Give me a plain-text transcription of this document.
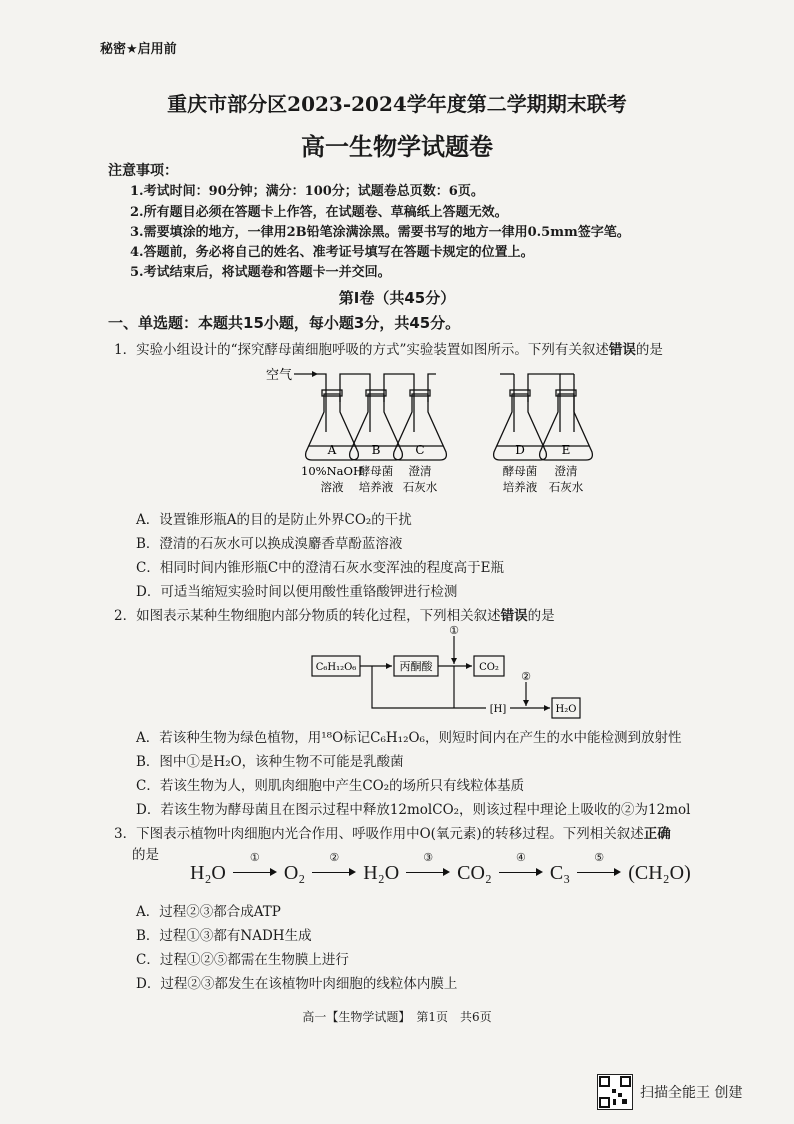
秘密★启用前
重庆市部分区2023-2024学年度第二学期期末联考
高一生物学试题卷
注意事项：
1.考试时间：90分钟；满分：100分；试题卷总页数：6页。
2.所有题目必须在答题卡上作答，在试题卷、草稿纸上答题无效。
3.需要填涂的地方，一律用2B铅笔涂满涂黑。需要书写的地方一律用0.5mm签字笔。
4.答题前，务必将自己的姓名、准考证号填写在答题卡规定的位置上。
5.考试结束后，将试题卷和答题卡一并交回。
第Ⅰ卷（共45分）
一、单选题：本题共15小题，每小题3分，共45分。
1．实验小组设计的“探究酵母菌细胞呼吸的方式”实验装置如图所示。下列有关叙述错误的是
空气
A	B	C	D	E
10%NaOH
溶液
酵母菌
培养液
澄清
石灰水
酵母菌
培养液
澄清
石灰水
A．设置锥形瓶A的目的是防止外界CO₂的干扰
B．澄清的石灰水可以换成溴麝香草酚蓝溶液
C．相同时间内锥形瓶C中的澄清石灰水变浑浊的程度高于E瓶
D．可适当缩短实验时间以便用酸性重铬酸钾进行检测
2．如图表示某种生物细胞内部分物质的转化过程，下列相关叙述错误的是
C₆H₁₂O₆	丙酮酸	CO₂
[H]	H₂O
①
②
A．若该种生物为绿色植物，用¹⁸O标记C₆H₁₂O₆，则短时间内在产生的水中能检测到放射性
B．图中①是H₂O，该种生物不可能是乳酸菌
C．若该生物为人，则肌肉细胞中产生CO₂的场所只有线粒体基质
D．若该生物为酵母菌且在图示过程中释放12molCO₂，则该过程中理论上吸收的②为12mol
3．下图表示植物叶肉细胞内光合作用、呼吸作用中O(氧元素)的转移过程。下列相关叙述正确
的是
H₂O
①
O₂
②
H₂O
③
CO₂
④
C₃
⑤
(CH₂O)
A．过程②③都合成ATP
B．过程①③都有NADH生成
C．过程①②⑤都需在生物膜上进行
D．过程②③都发生在该植物叶肉细胞的线粒体内膜上
高一【生物学试题】　第1页　共6页
扫描全能王 创建
